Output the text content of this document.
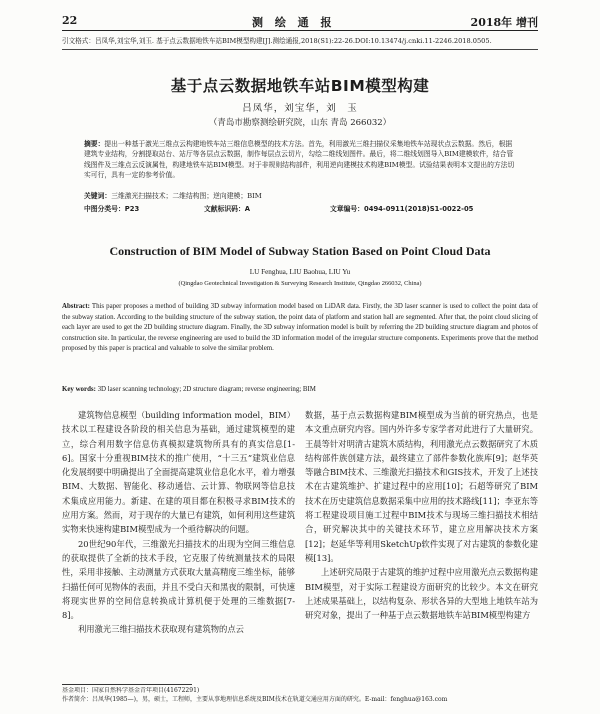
22	测 绘 通 报	2018年 增刊
引文格式：吕凤华,刘宝华,刘玉. 基于点云数据地铁车站BIM模型构建[J].测绘通报,2018(S1):22-26.DOI:10.13474/j.cnki.11-2246.2018.0505.
基于点云数据地铁车站BIM模型构建
吕凤华，刘宝华，刘　玉
（青岛市勘察测绘研究院，山东 青岛 266032）
摘要：提出一种基于激光三维点云构建地铁车站三维信息模型的技术方法。首先，利用激光三维扫描仪采集地铁车站现状点云数据。然后，根据建筑专业结构，分割提取站台、站厅等各层点云数据，制作每层点云切片，勾绘二维线划图件。最后，将二维线划图导入BIM建模软件，结合管线图件及三维点云反演属性，构建地铁车站BIM模型。对于非规则结构部件，利用逆向建模技术构建BIM模型。试验结果表明本文提出的方法切实可行，具有一定的参考价值。
关键词：三维激光扫描技术；二维结构图；逆向建模；BIM
中图分类号：P23	文献标识码：A	文章编号：0494-0911(2018)S1-0022-05
Construction of BIM Model of Subway Station Based on Point Cloud Data
LU Fenghua, LIU Baohua, LIU Yu
(Qingdao Geotechnical Investigation & Surveying Research Institute, Qingdao 266032, China)
Abstract: This paper proposes a method of building 3D subway information model based on LiDAR data. Firstly, the 3D laser scanner is used to collect the point data of the subway station. According to the building structure of the subway station, the point data of platform and station hall are segmented. After that, the point cloud slicing of each layer are used to get the 2D building structure diagram. Finally, the 3D subway information model is built by referring the 2D building structure diagram and photos of construction site. In particular, the reverse engineering are used to build the 3D information model of the irregular structure components. Experiments prove that the method proposed by this paper is practical and valuable to solve the similar problem.
Key words: 3D laser scanning technology; 2D structure diagram; reverse engineering; BIM

建筑物信息模型（building information model，BIM）技术以工程建设各阶段的相关信息为基础，通过建筑模型的建立，综合利用数字信息仿真模拟建筑物所具有的真实信息[1-6]。国家十分重视BIM技术的推广使用，“十三五”建筑业信息化发展纲要中明确提出了全面提高建筑业信息化水平，着力增强BIM、大数据、智能化、移动通信、云计算、物联网等信息技术集成应用能力。新建、在建的项目都在积极寻求BIM技术的应用方案。然而，对于现存的大量已有建筑，如何利用这些建筑实物来快速构建BIM模型成为一个亟待解决的问题。

20世纪90年代，三维激光扫描技术的出现为空间三维信息的获取提供了全新的技术手段，它克服了传统测量技术的局限性，采用非接触、主动测量方式获取大量高精度三维坐标，能够扫描任何可见物体的表面，并且不受白天和黑夜的限制，可快速将现实世界的空间信息转换成计算机便于处理的三维数据[7-8]。

利用激光三维扫描技术获取现有建筑物的点云

数据，基于点云数据构建BIM模型成为当前的研究热点，也是本文重点研究内容。国内外许多专家学者对此进行了大量研究。王晨等针对明清古建筑木质结构，利用激光点云数据研究了木质结构部件族创建方法，最终建立了部件参数化族库[9]；赵华英等融合BIM技术、三维激光扫描技术和GIS技术，开发了上述技术在古建筑维护、扩建过程中的应用[10]；石超等研究了BIM技术在历史建筑信息数据采集中应用的技术路线[11]；李亚东等将工程建设项目施工过程中BIM技术与现场三维扫描技术相结合，研究解决其中的关键技术环节，建立应用解决技术方案[12]；赵延华等利用SketchUp软件实现了对古建筑的参数化建模[13]。

上述研究局限于古建筑的维护过程中应用激光点云数据构建BIM模型，对于实际工程建设方面研究的比较少。本文在研究上述成果基础上，以结构复杂、形状各异的大型地上地铁车站为研究对象，提出了一种基于点云数据地铁车站BIM模型构建方

基金项目：国家自然科学基金青年项目(41672291)
作者简介：吕凤华(1985—)，男，硕士，工程师，主要从事地理信息系统及BIM技术在轨道交通应用方面的研究。E-mail：fenghua@163.com
